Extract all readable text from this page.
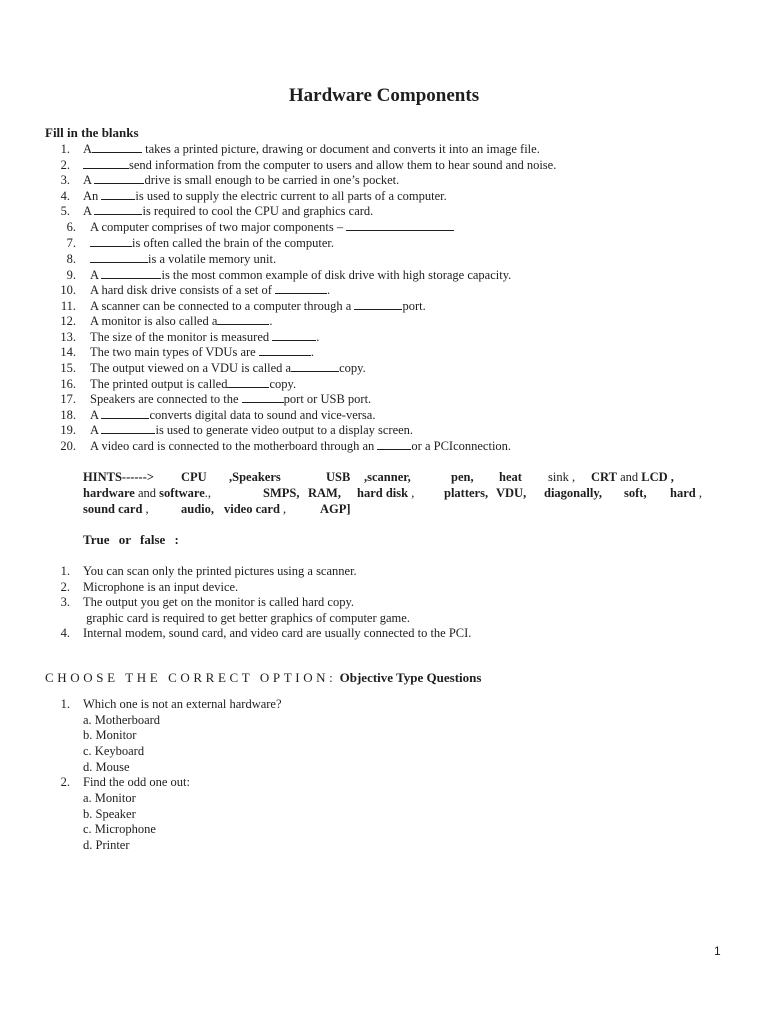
Hardware Components
Fill in the blanks
1. A	takes a printed picture, drawing or document and converts it into an image file.
2.	send information from the computer to users and allow them to hear sound and noise.
3. A	drive is small enough to be carried in one’s pocket.
4. An	is used to supply the electric current to all parts of a computer.
5. A	is required to cool the CPU and graphics card.
6. A computer comprises of two major components –
7.	is often called the brain of the computer.
8.	is a volatile memory unit.
9. A	is the most common example of disk drive with high storage capacity.
10. A hard disk drive consists of a set of	.
11. A scanner can be connected to a computer through a	port.
12. A monitor is also called a	.
13. The size of the monitor is measured	.
14. The two main types of VDUs are	.
15. The output viewed on a VDU is called a	copy.
16. The printed output is called	copy.
17. Speakers are connected to the	port or USB port.
18. A	converts digital data to sound and vice-versa.
19. A	is used to generate video output to a display screen.
20. A video card is connected to the motherboard through an	or a PCIconnection.
HINTS------> CPU ,Speakers	USB ,scanner,	pen, heat sink , CRT and LCD ,
hardware and software.,	SMPS, RAM, hard disk , platters, VDU, diagonally, soft, hard ,
sound card ,	audio, video card ,	AGP]
True or false :
1. You can scan only the printed pictures using a scanner.
2. Microphone is an input device.
3. The output you get on the monitor is called hard copy.
graphic card is required to get better graphics of computer game.
4. Internal modem, sound card, and video card are usually connected to the PCI.
CHOOSE THE CORRECT OPTION: Objective Type Questions
1. Which one is not an external hardware?
a. Motherboard
b. Monitor
c. Keyboard
d. Mouse
2. Find the odd one out:
a. Monitor
b. Speaker
c. Microphone
d. Printer
1
